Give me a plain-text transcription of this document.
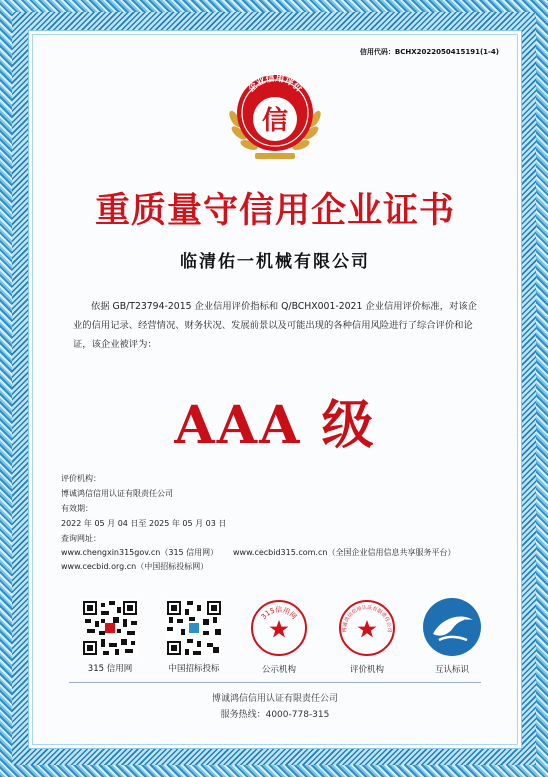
信用代码：BCHX2022050415191(1-4)
信
企业信用评价
重质量守信用企业证书
临清佑一机械有限公司
依据 GB/T23794-2015 企业信用评价指标和 Q/BCHX001-2021 企业信用评价标准，对该企业的信用记录、经营情况、财务状况、发展前景以及可能出现的各种信用风险进行了综合评价和论证，该企业被评为：
AAA 级
评价机构：
博诚鸿信信用认证有限责任公司
有效期：
2022 年 05 月 04 日至 2025 年 05 月 03 日
查询网址：
www.chengxin315gov.cn（315 信用网） www.cecbid315.com.cn（全国企业信用信息共享服务平台）
www.cecbid.org.cn（中国招标投标网）
315 信用网	中国招标投标
315信用网
公示机构
博诚鸿信信用认证有限责任公司
评价机构	互认标识
博诚鸿信信用认证有限责任公司
服务热线：4000-778-315
